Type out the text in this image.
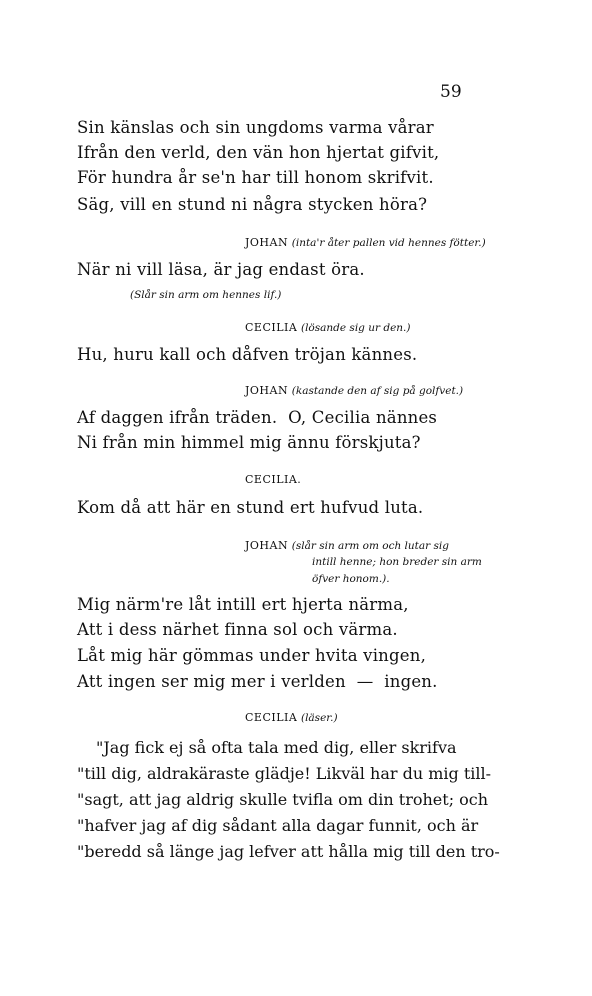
59
Sin känslas och sin ungdoms varma vårar
Ifrån den verld, den vän hon hjertat gifvit,
För hundra år se'n har till honom skrifvit.
Säg, vill en stund ni några stycken höra?
JOHAN (inta'r åter pallen vid hennes fötter.)
När ni vill läsa, är jag endast öra.
(Slår sin arm om hennes lif.)
CECILIA (lösande sig ur den.)
Hu, huru kall och dåfven tröjan kännes.
JOHAN (kastande den af sig på golfvet.)
Af daggen ifrån träden.  O, Cecilia nännes
Ni från min himmel mig ännu förskjuta?
CECILIA.
Kom då att här en stund ert hufvud luta.
JOHAN (slår sin arm om och lutar sig
intill henne; hon breder sin arm
öfver honom.).
Mig närm're låt intill ert hjerta närma,
Att i dess närhet finna sol och värma.
Låt mig här gömmas under hvita vingen,
Att ingen ser mig mer i verlden  —  ingen.
CECILIA (läser.)
"Jag fick ej så ofta tala med dig, eller skrifva
"till dig, aldrakäraste glädje! Likväl har du mig till-
"sagt, att jag aldrig skulle tvifla om din trohet; och
"hafver jag af dig sådant alla dagar funnit, och är
"beredd så länge jag lefver att hålla mig till den tro-
